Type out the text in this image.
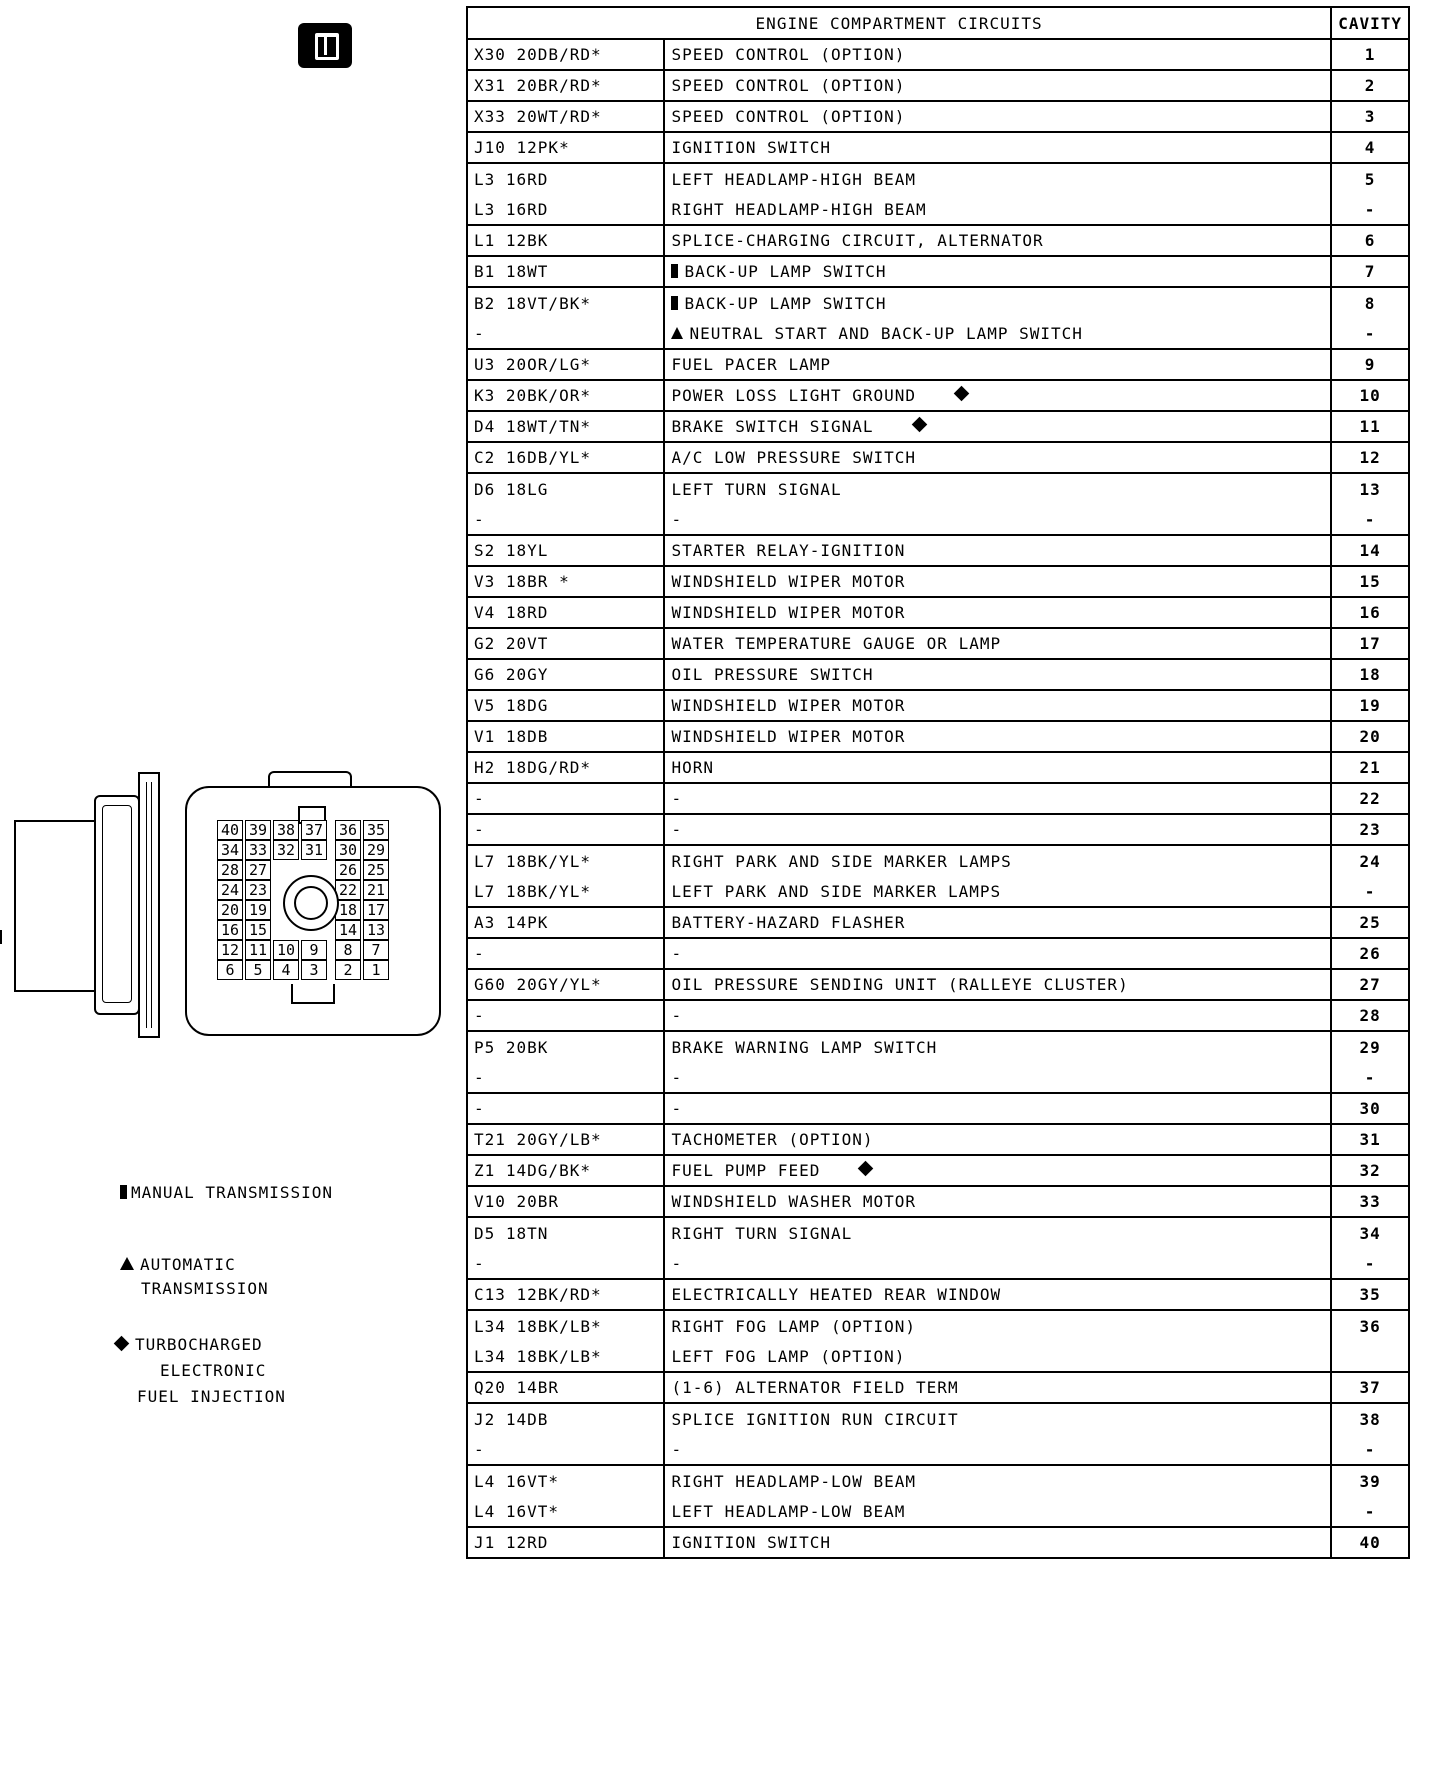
40 39 38 37 36 35
34 33 32 31 30 29
28 27	26 25
24 23	22 21
20 19	18 17
16 15	14 13
12 11 10 9	8	7
6	5	4	3	2	1
MANUAL TRANSMISSION
AUTOMATIC
TRANSMISSION
TURBOCHARGED
ELECTRONIC
FUEL INJECTION
ENGINE COMPARTMENT CIRCUITS		CAVITY
X30 20DB/RD*	SPEED CONTROL (OPTION)	1
X31 20BR/RD*	SPEED CONTROL (OPTION)	2
X33 20WT/RD*	SPEED CONTROL (OPTION)	3
J10 12PK*	IGNITION SWITCH	4
L3 16RD	LEFT HEADLAMP-HIGH BEAM	5
L3 16RD	RIGHT HEADLAMP-HIGH BEAM	-
L1 12BK	SPLICE-CHARGING CIRCUIT, ALTERNATOR	6
B1 18WT	BACK-UP LAMP SWITCH	7
B2 18VT/BK*	BACK-UP LAMP SWITCH	8
-	NEUTRAL START AND BACK-UP LAMP SWITCH	-
U3 20OR/LG*	FUEL PACER LAMP	9
K3 20BK/OR*	POWER LOSS LIGHT GROUND	10
D4 18WT/TN*	BRAKE SWITCH SIGNAL	11
C2 16DB/YL*	A/C LOW PRESSURE SWITCH	12
D6 18LG	LEFT TURN SIGNAL	13
-	-	-
S2 18YL	STARTER RELAY-IGNITION	14
V3 18BR *	WINDSHIELD WIPER MOTOR	15
V4 18RD	WINDSHIELD WIPER MOTOR	16
G2 20VT	WATER TEMPERATURE GAUGE OR LAMP	17
G6 20GY	OIL PRESSURE SWITCH	18
V5 18DG	WINDSHIELD WIPER MOTOR	19
V1 18DB	WINDSHIELD WIPER MOTOR	20
H2 18DG/RD*	HORN	21
-	-	22
-	-	23
L7 18BK/YL*	RIGHT PARK AND SIDE MARKER LAMPS	24
L7 18BK/YL*	LEFT PARK AND SIDE MARKER LAMPS	-
A3 14PK	BATTERY-HAZARD FLASHER	25
-	-	26
G60 20GY/YL*	OIL PRESSURE SENDING UNIT (RALLEYE CLUSTER)	27
-	-	28
P5 20BK	BRAKE WARNING LAMP SWITCH	29
-	-	-
-	-	30
T21 20GY/LB*	TACHOMETER (OPTION)	31
Z1 14DG/BK*	FUEL PUMP FEED	32
V10 20BR	WINDSHIELD WASHER MOTOR	33
D5 18TN	RIGHT TURN SIGNAL	34
-	-	-
C13 12BK/RD*	ELECTRICALLY HEATED REAR WINDOW	35
L34 18BK/LB*	RIGHT FOG LAMP (OPTION)	36
L34 18BK/LB*	LEFT FOG LAMP (OPTION)	
Q20 14BR	(1-6) ALTERNATOR FIELD TERM	37
J2 14DB	SPLICE IGNITION RUN CIRCUIT	38
-	-	-
L4 16VT*	RIGHT HEADLAMP-LOW BEAM	39
L4 16VT*	LEFT HEADLAMP-LOW BEAM	-
J1 12RD	IGNITION SWITCH	40
